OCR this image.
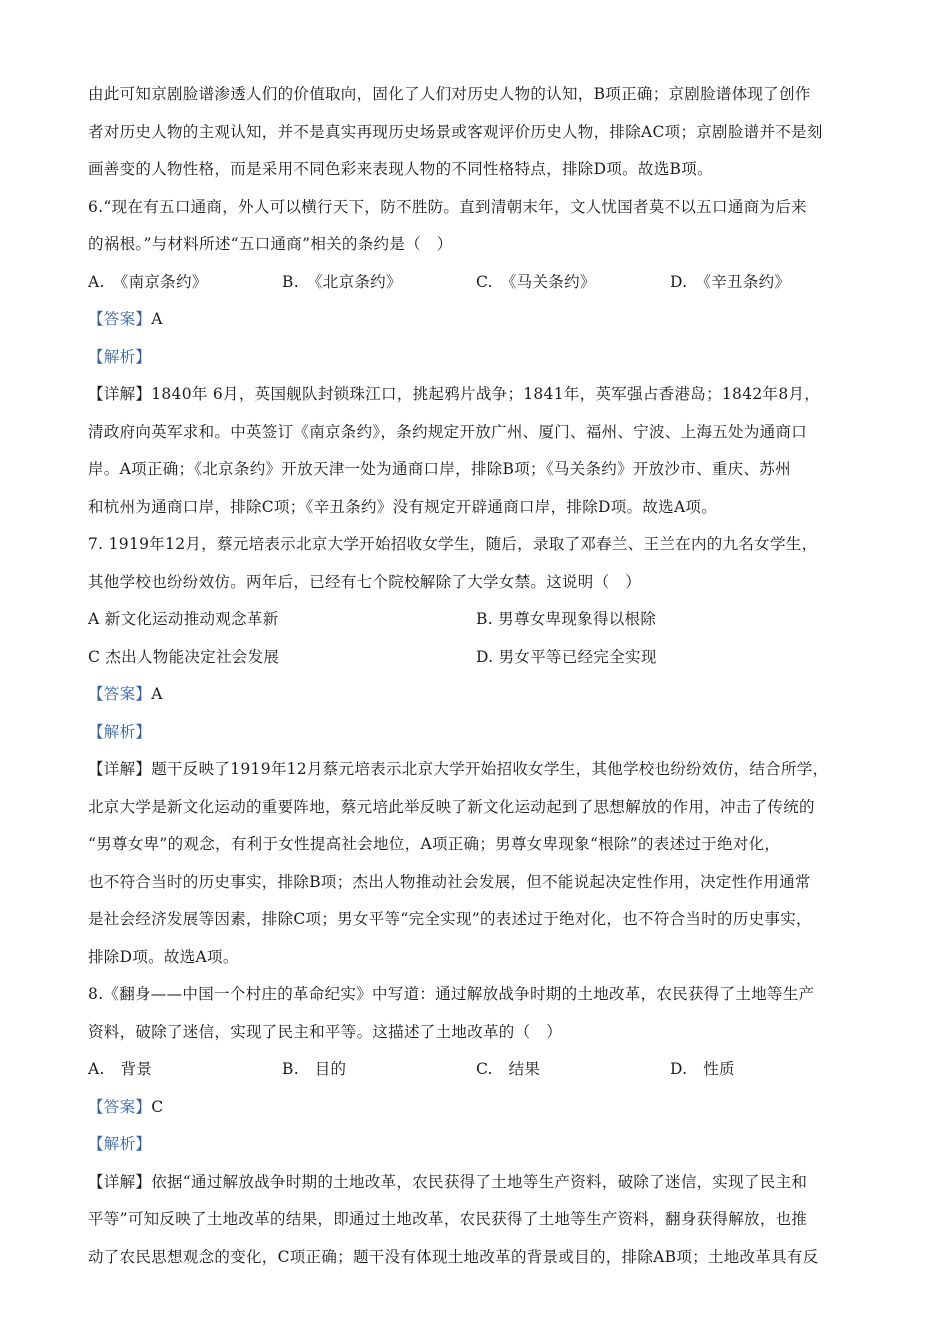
由此可知京剧脸谱渗透人们的价值取向，固化了人们对历史人物的认知，B项正确；京剧脸谱体现了创作
者对历史人物的主观认知，并不是真实再现历史场景或客观评价历史人物，排除AC项；京剧脸谱并不是刻
画善变的人物性格，而是采用不同色彩来表现人物的不同性格特点，排除D项。故选B项。
6.“现在有五口通商，外人可以横行天下，防不胜防。直到清朝末年，文人忧国者莫不以五口通商为后来
的祸根。”与材料所述“五口通商”相关的条约是（　）
A.　《南京条约》	B.　《北京条约》	C.　《马关条约》	D.　《辛丑条约》
【答案】A
【解析】
【详解】1840年 6月，英国舰队封锁珠江口，挑起鸦片战争；1841年，英军强占香港岛；1842年8月，
清政府向英军求和。中英签订《南京条约》，条约规定开放广州、厦门、福州、宁波、上海五处为通商口
岸。A项正确；《北京条约》开放天津一处为通商口岸，排除B项；《马关条约》开放沙市、重庆、苏州
和杭州为通商口岸，排除C项；《辛丑条约》没有规定开辟通商口岸，排除D项。故选A项。
7. 1919年12月，蔡元培表示北京大学开始招收女学生，随后，录取了邓春兰、王兰在内的九名女学生，
其他学校也纷纷效仿。两年后，已经有七个院校解除了大学女禁。这说明（　）
A 新文化运动推动观念革新	B. 男尊女卑现象得以根除
C 杰出人物能决定社会发展	D. 男女平等已经完全实现
【答案】A
【解析】
【详解】题干反映了1919年12月蔡元培表示北京大学开始招收女学生，其他学校也纷纷效仿，结合所学，
北京大学是新文化运动的重要阵地，蔡元培此举反映了新文化运动起到了思想解放的作用，冲击了传统的
“男尊女卑”的观念，有利于女性提高社会地位，A项正确；男尊女卑现象“根除”的表述过于绝对化，
也不符合当时的历史事实，排除B项；杰出人物推动社会发展，但不能说起决定性作用，决定性作用通常
是社会经济发展等因素，排除C项；男女平等“完全实现”的表述过于绝对化，也不符合当时的历史事实，
排除D项。故选A项。
8.《翻身——中国一个村庄的革命纪实》中写道：通过解放战争时期的土地改革，农民获得了土地等生产
资料，破除了迷信，实现了民主和平等。这描述了土地改革的（　）
A.　背景	B.　目的	C.　结果	D.　性质
【答案】C
【解析】
【详解】依据“通过解放战争时期的土地改革，农民获得了土地等生产资料，破除了迷信，实现了民主和
平等”可知反映了土地改革的结果，即通过土地改革，农民获得了土地等生产资料，翻身获得解放，也推
动了农民思想观念的变化，C项正确；题干没有体现土地改革的背景或目的，排除AB项；土地改革具有反
